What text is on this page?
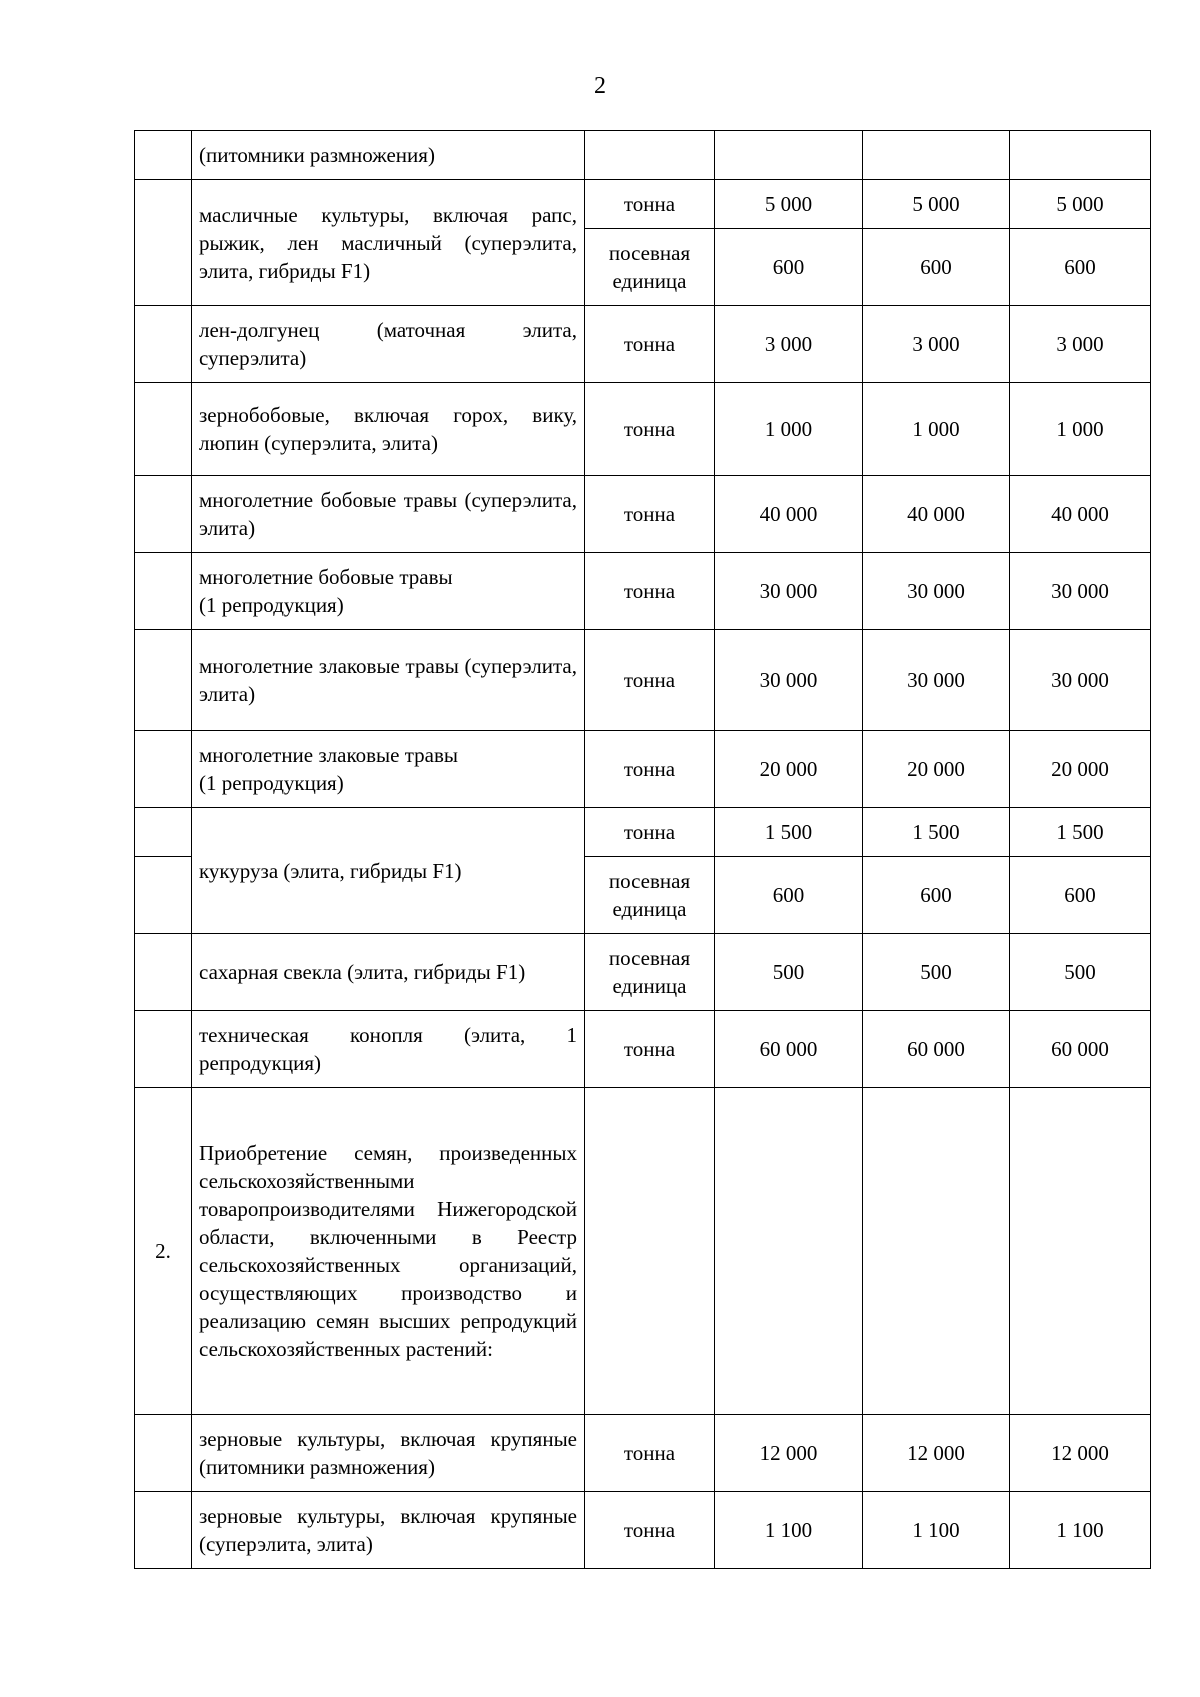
2
	(питомники размножения)				
	масличные культуры, включая рапс, рыжик, лен масличный (суперэлита, элита, гибриды F1)	тонна	5 000	5 000	5 000
		посевная единица	600	600	600
	лен-долгунец (маточная элита, суперэлита)	тонна	3 000	3 000	3 000
	зернобобовые, включая горох, вику, люпин (суперэлита, элита)	тонна	1 000	1 000	1 000
	многолетние бобовые травы (суперэлита, элита)	тонна	40 000	40 000	40 000
	многолетние бобовые травы
(1 репродукция)	тонна	30 000	30 000	30 000
	многолетние злаковые травы (суперэлита, элита)	тонна	30 000	30 000	30 000
	многолетние злаковые травы
(1 репродукция)	тонна	20 000	20 000	20 000
	кукуруза (элита, гибриды F1)	тонна	1 500	1 500	1 500
		посевная единица	600	600	600
	сахарная свекла (элита, гибриды F1)	посевная единица	500	500	500
	техническая конопля (элита, 1 репродукция)	тонна	60 000	60 000	60 000
2.	Приобретение семян, произведенных сельскохозяйственными товаропроизводителями Нижегородской области, включенными в Реестр сельскохозяйственных организаций, осуществляющих производство и реализацию семян высших репродукций сельскохозяйственных растений:				
	зерновые культуры, включая крупяные (питомники размножения)	тонна	12 000	12 000	12 000
	зерновые культуры, включая крупяные (суперэлита, элита)	тонна	1 100	1 100	1 100
